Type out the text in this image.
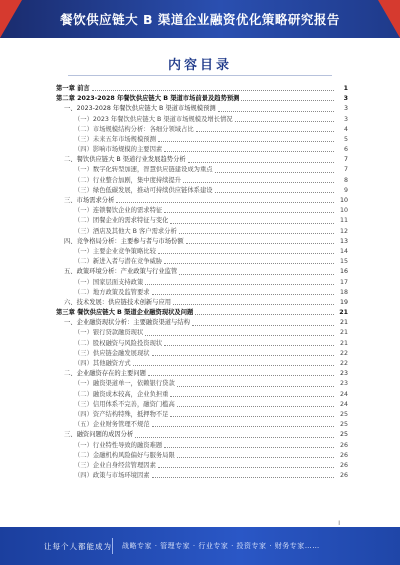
餐饮供应链大 B 渠道企业融资优化策略研究报告
内容目录
第一章 前言	1
第二章 2023-2028 年餐饮供应链大 B 渠道市场前景及趋势预测	3
一、2023-2028 年餐饮供应链大 B 渠道市场规模预测	3
（一）2023 年餐饮供应链大 B 渠道市场规模及增长情况	3
（二）市场规模结构分析：各细分领域占比	4
（三）未来五年市场规模预测	5
（四）影响市场规模的主要因素	6
二、餐饮供应链大 B 渠道行业发展趋势分析	7
（一）数字化转型加速，智慧供应链建设成为重点	7
（二）行业整合加剧，集中度持续提升	8
（三）绿色低碳发展，推动可持续供应链体系建设	9
三、市场需求分析	10
（一）连锁餐饮企业的需求特征	10
（二）团餐企业的需求特征与变化	11
（三）酒店及其他大 B 客户需求分析	12
四、竞争格局分析：主要参与者与市场份额	13
（一）主要企业竞争策略比较	14
（二）新进入者与潜在竞争威胁	15
五、政策环境分析：产业政策与行业监管	16
（一）国家层面支持政策	17
（二）地方政策及监管要求	18
六、技术发展：供应链技术创新与应用	19
第三章 餐饮供应链大 B 渠道企业融资现状及问题	21
一、企业融资现状分析：主要融资渠道与结构	21
（一）银行贷款融资现状	21
（二）股权融资与风险投资现状	21
（三）供应链金融发展现状	22
（四）其他融资方式	22
二、企业融资存在的主要问题	23
（一）融资渠道单一，依赖银行贷款	23
（二）融资成本较高，企业负担重	24
（三）信用体系不完善，融资门槛高	24
（四）资产结构特殊，抵押物不足	25
（五）企业财务管理不规范	25
三、融资问题的成因分析	25
（一）行业特性导致的融资难题	26
（二）金融机构风险偏好与服务局限	26
（三）企业自身经营管理因素	26
（四）政策与市场环境因素	26
I
让每个人都能成为 战略专家 · 管理专家 · 行业专家 · 投资专家 · 财务专家……
